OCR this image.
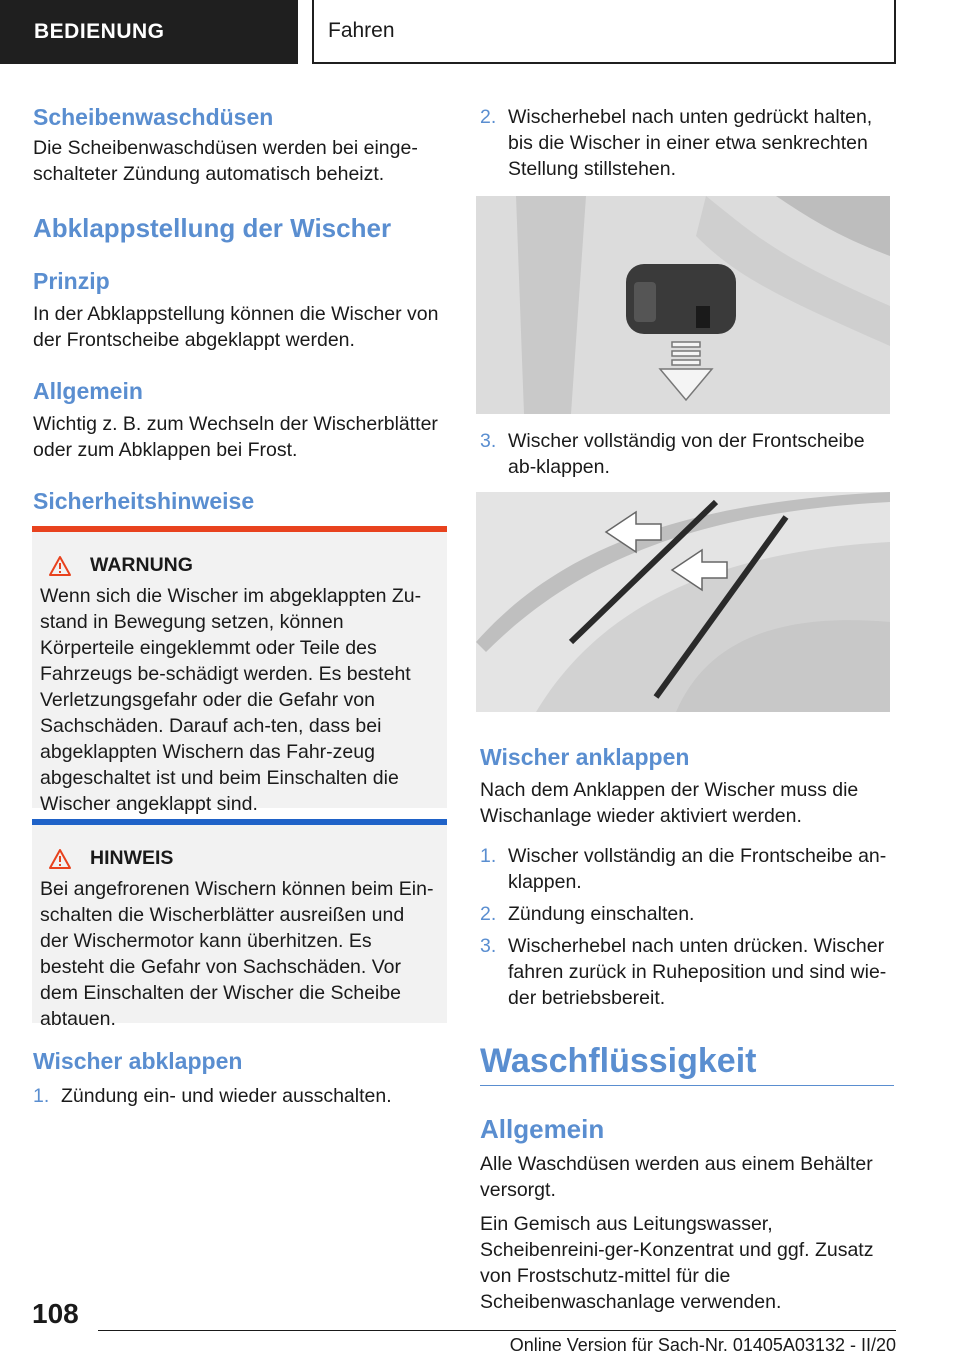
BEDIENUNG	Fahren
Scheibenwaschdüsen

Die Scheibenwaschdüsen werden bei einge-schalteter Zündung automatisch beheizt.

Abklappstellung der Wischer
Prinzip

In der Abklappstellung können die Wischer von der Frontscheibe abgeklappt werden.

Allgemein

Wichtig z. B. zum Wechseln der Wischerblätter oder zum Abklappen bei Frost.

Sicherheitshinweise
WARNUNG

Wenn sich die Wischer im abgeklappten Zu-stand in Bewegung setzen, können Körperteile eingeklemmt oder Teile des Fahrzeugs be-schädigt werden. Es besteht Verletzungsgefahr oder die Gefahr von Sachschäden. Darauf ach-ten, dass bei abgeklappten Wischern das Fahr-zeug abgeschaltet ist und beim Einschalten die Wischer angeklappt sind.

HINWEIS

Bei angefrorenen Wischern können beim Ein-schalten die Wischerblätter ausreißen und der Wischermotor kann überhitzen. Es besteht die Gefahr von Sachschäden. Vor dem Einschalten der Wischer die Scheibe abtauen.

Wischer abklappen
1. Zündung ein- und wieder ausschalten.
2. Wischerhebel nach unten gedrückt halten, bis die Wischer in einer etwa senkrechten Stellung stillstehen.
3. Wischer vollständig von der Frontscheibe ab-klappen.
Wischer anklappen

Nach dem Anklappen der Wischer muss die Wischanlage wieder aktiviert werden.

1. Wischer vollständig an die Frontscheibe an-klappen.
2. Zündung einschalten.
3. Wischerhebel nach unten drücken. Wischer fahren zurück in Ruheposition und sind wie-der betriebsbereit.
Waschflüssigkeit
Allgemein

Alle Waschdüsen werden aus einem Behälter versorgt.

Ein Gemisch aus Leitungswasser, Scheibenreini-ger-Konzentrat und ggf. Zusatz von Frostschutz-mittel für die Scheibenwaschanlage verwenden.

108
Online Version für Sach-Nr. 01405A03132 - II/20
